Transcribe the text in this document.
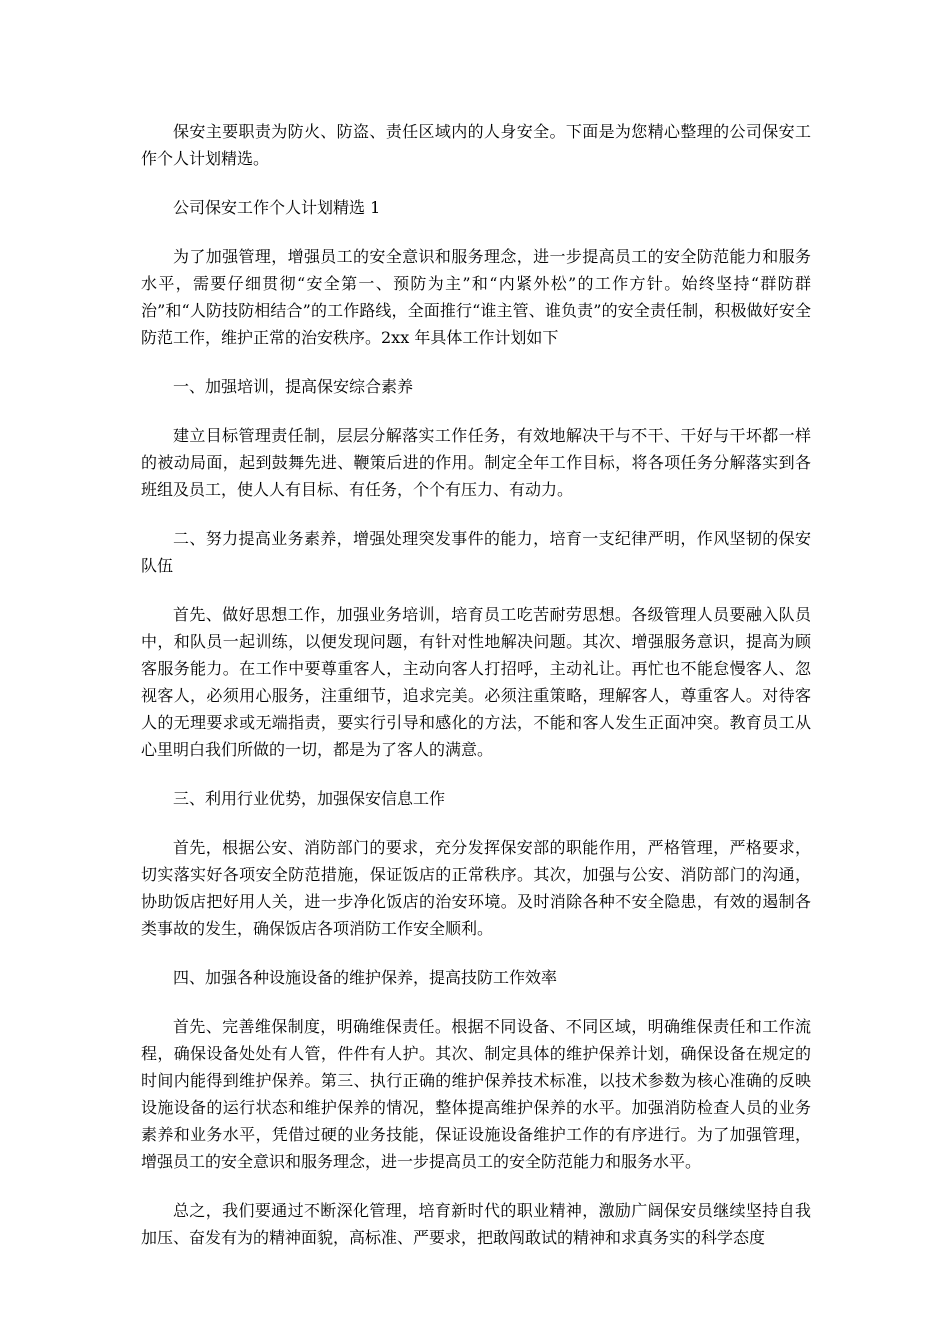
保安主要职责为防火、防盗、责任区域内的人身安全。下面是为您精心整理的公司保安工作个人计划精选。

公司保安工作个人计划精选 1

为了加强管理，增强员工的安全意识和服务理念，进一步提高员工的安全防范能力和服务水平，需要仔细贯彻“安全第一、预防为主”和“内紧外松”的工作方针。始终坚持“群防群治”和“人防技防相结合”的工作路线，全面推行“谁主管、谁负责”的安全责任制，积极做好安全防范工作，维护正常的治安秩序。2xx 年具体工作计划如下

一、加强培训，提高保安综合素养

建立目标管理责任制，层层分解落实工作任务，有效地解决干与不干、干好与干坏都一样的被动局面，起到鼓舞先进、鞭策后进的作用。制定全年工作目标，将各项任务分解落实到各班组及员工，使人人有目标、有任务，个个有压力、有动力。

二、努力提高业务素养，增强处理突发事件的能力，培育一支纪律严明，作风坚韧的保安队伍

首先、做好思想工作，加强业务培训，培育员工吃苦耐劳思想。各级管理人员要融入队员中，和队员一起训练，以便发现问题，有针对性地解决问题。其次、增强服务意识，提高为顾客服务能力。在工作中要尊重客人，主动向客人打招呼，主动礼让。再忙也不能怠慢客人、忽视客人，必须用心服务，注重细节，追求完美。必须注重策略，理解客人，尊重客人。对待客人的无理要求或无端指责，要实行引导和感化的方法，不能和客人发生正面冲突。教育员工从心里明白我们所做的一切，都是为了客人的满意。

三、利用行业优势，加强保安信息工作

首先，根据公安、消防部门的要求，充分发挥保安部的职能作用，严格管理，严格要求，切实落实好各项安全防范措施，保证饭店的正常秩序。其次，加强与公安、消防部门的沟通，协助饭店把好用人关，进一步净化饭店的治安环境。及时消除各种不安全隐患，有效的遏制各类事故的发生，确保饭店各项消防工作安全顺利。

四、加强各种设施设备的维护保养，提高技防工作效率

首先、完善维保制度，明确维保责任。根据不同设备、不同区域，明确维保责任和工作流程，确保设备处处有人管，件件有人护。其次、制定具体的维护保养计划，确保设备在规定的时间内能得到维护保养。第三、执行正确的维护保养技术标准，以技术参数为核心准确的反映设施设备的运行状态和维护保养的情况，整体提高维护保养的水平。加强消防检查人员的业务素养和业务水平，凭借过硬的业务技能，保证设施设备维护工作的有序进行。为了加强管理，增强员工的安全意识和服务理念，进一步提高员工的安全防范能力和服务水平。

总之，我们要通过不断深化管理，培育新时代的职业精神，激励广阔保安员继续坚持自我加压、奋发有为的精神面貌，高标准、严要求，把敢闯敢试的精神和求真务实的科学态度
